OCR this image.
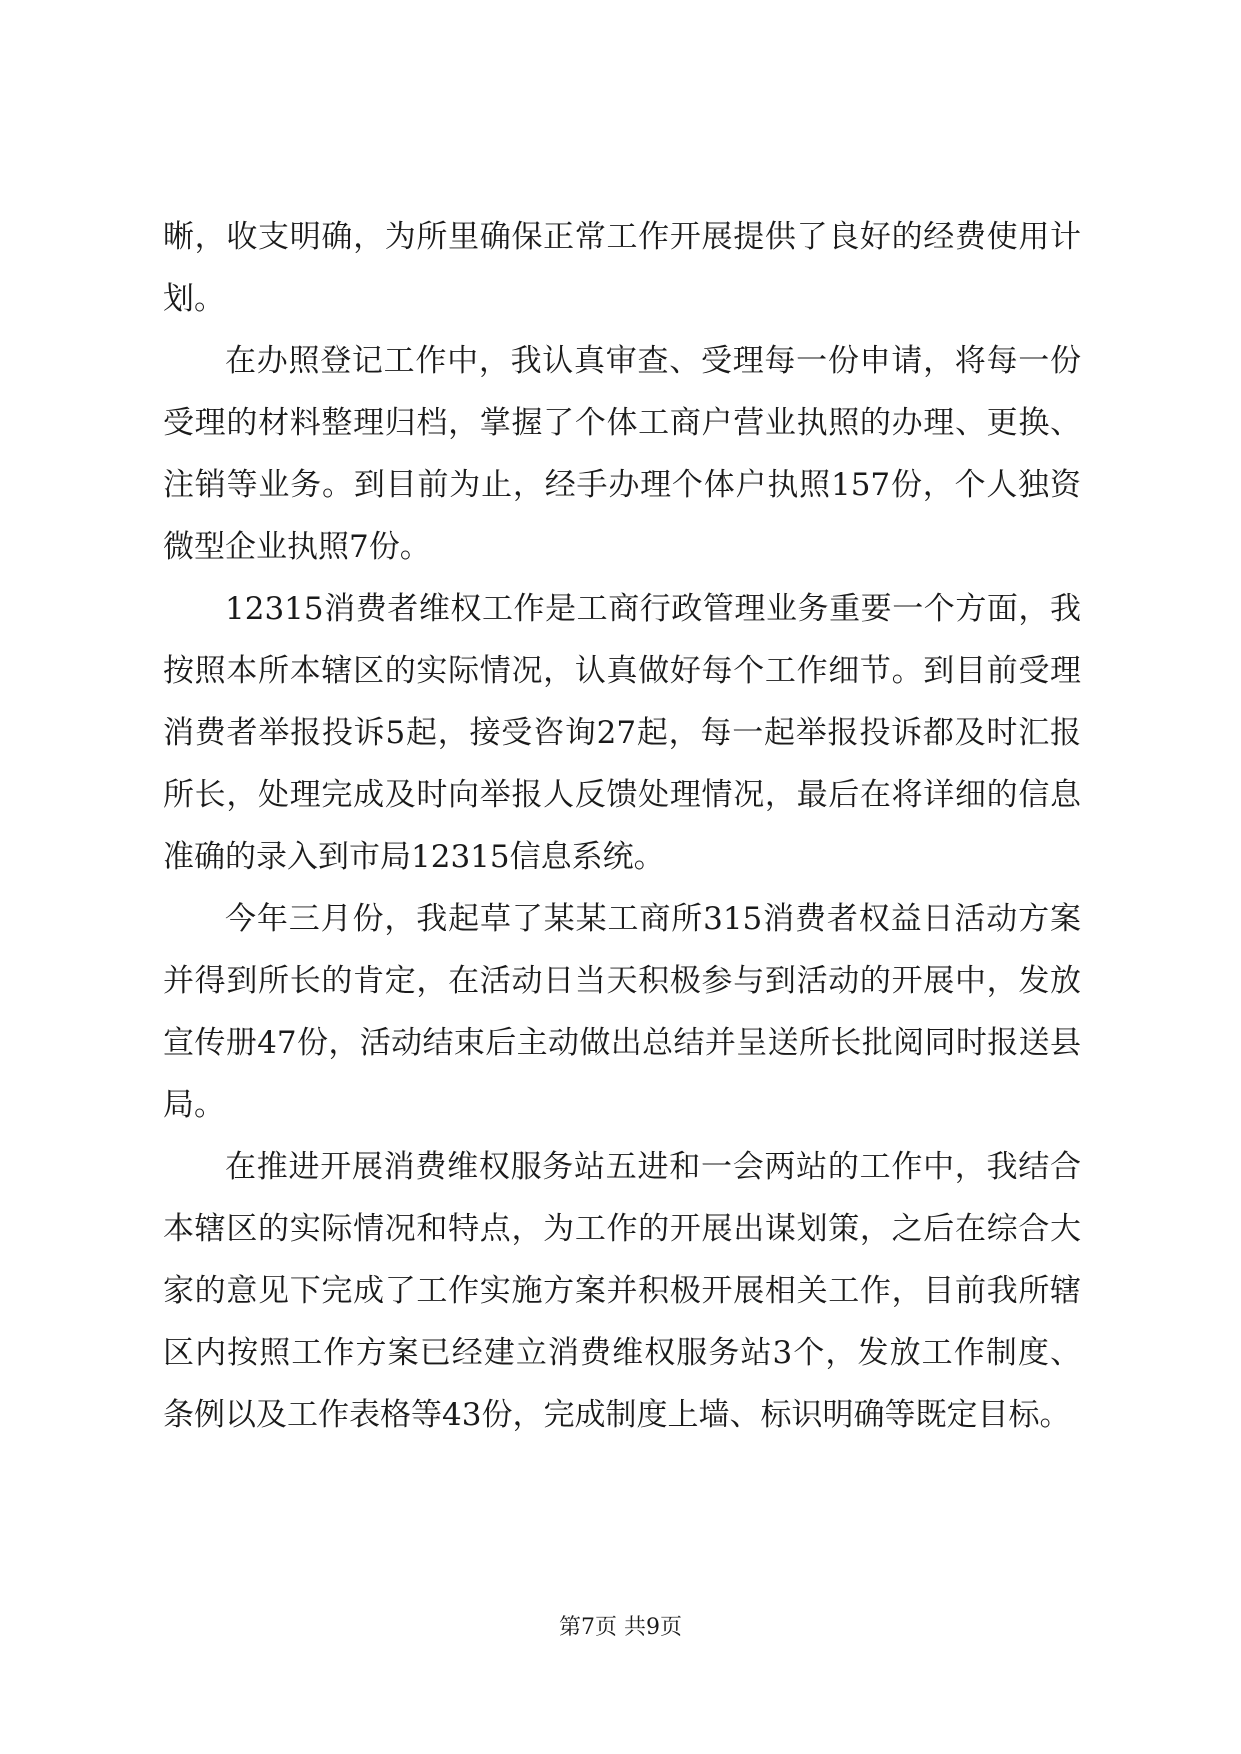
晰，收支明确，为所里确保正常工作开展提供了良好的经费使用计划。

在办照登记工作中，我认真审查、受理每一份申请，将每一份受理的材料整理归档，掌握了个体工商户营业执照的办理、更换、注销等业务。到目前为止，经手办理个体户执照157份，个人独资微型企业执照7份。

12315消费者维权工作是工商行政管理业务重要一个方面，我按照本所本辖区的实际情况，认真做好每个工作细节。到目前受理消费者举报投诉5起，接受咨询27起，每一起举报投诉都及时汇报所长，处理完成及时向举报人反馈处理情况，最后在将详细的信息准确的录入到市局12315信息系统。

今年三月份，我起草了某某工商所315消费者权益日活动方案并得到所长的肯定，在活动日当天积极参与到活动的开展中，发放宣传册47份，活动结束后主动做出总结并呈送所长批阅同时报送县局。

在推进开展消费维权服务站五进和一会两站的工作中，我结合本辖区的实际情况和特点，为工作的开展出谋划策，之后在综合大家的意见下完成了工作实施方案并积极开展相关工作，目前我所辖区内按照工作方案已经建立消费维权服务站3个，发放工作制度、条例以及工作表格等43份，完成制度上墙、标识明确等既定目标。

第7页 共9页
